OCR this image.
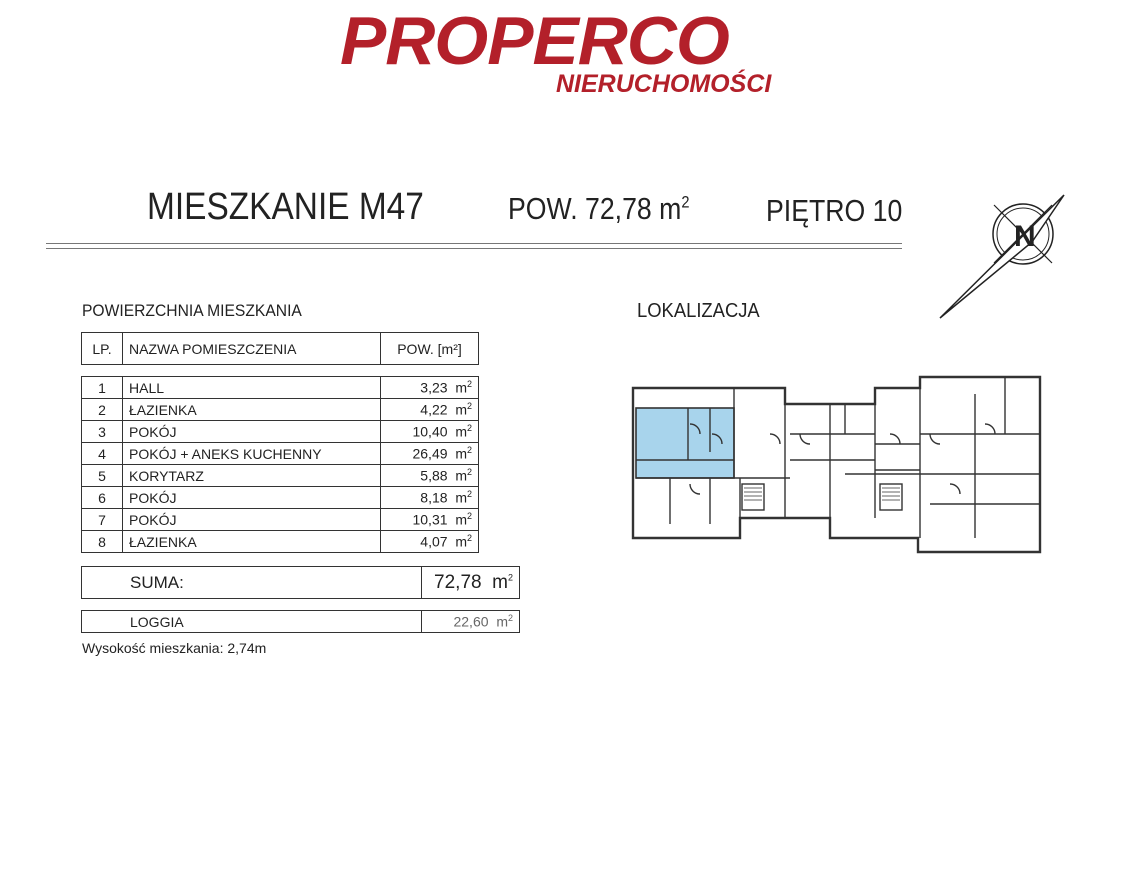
PROPERCO
NIERUCHOMOŚCI
MIESZKANIE M47	POW. 72,78 $m^2$ PIĘTRO 10
N
POWIERZCHNIA MIESZKANIA
LP.	NAZWA POMIESZCZENIA	POW. [m²]
1	HALL	3,23 $m^2$
2	ŁAZIENKA	4,22 $m^2$
3	POKÓJ	10,40 $m^2$
4	POKÓJ + ANEKS KUCHENNY	26,49 $m^2$
5	KORYTARZ	5,88 $m^2$
6	POKÓJ	8,18 $m^2$
7	POKÓJ	10,31 $m^2$
8	ŁAZIENKA	4,07 $m^2$
SUMA:	72,78 $m^2$
LOGGIA	22,60 $m^2$
Wysokość mieszkania: 2,74m
LOKALIZACJA
